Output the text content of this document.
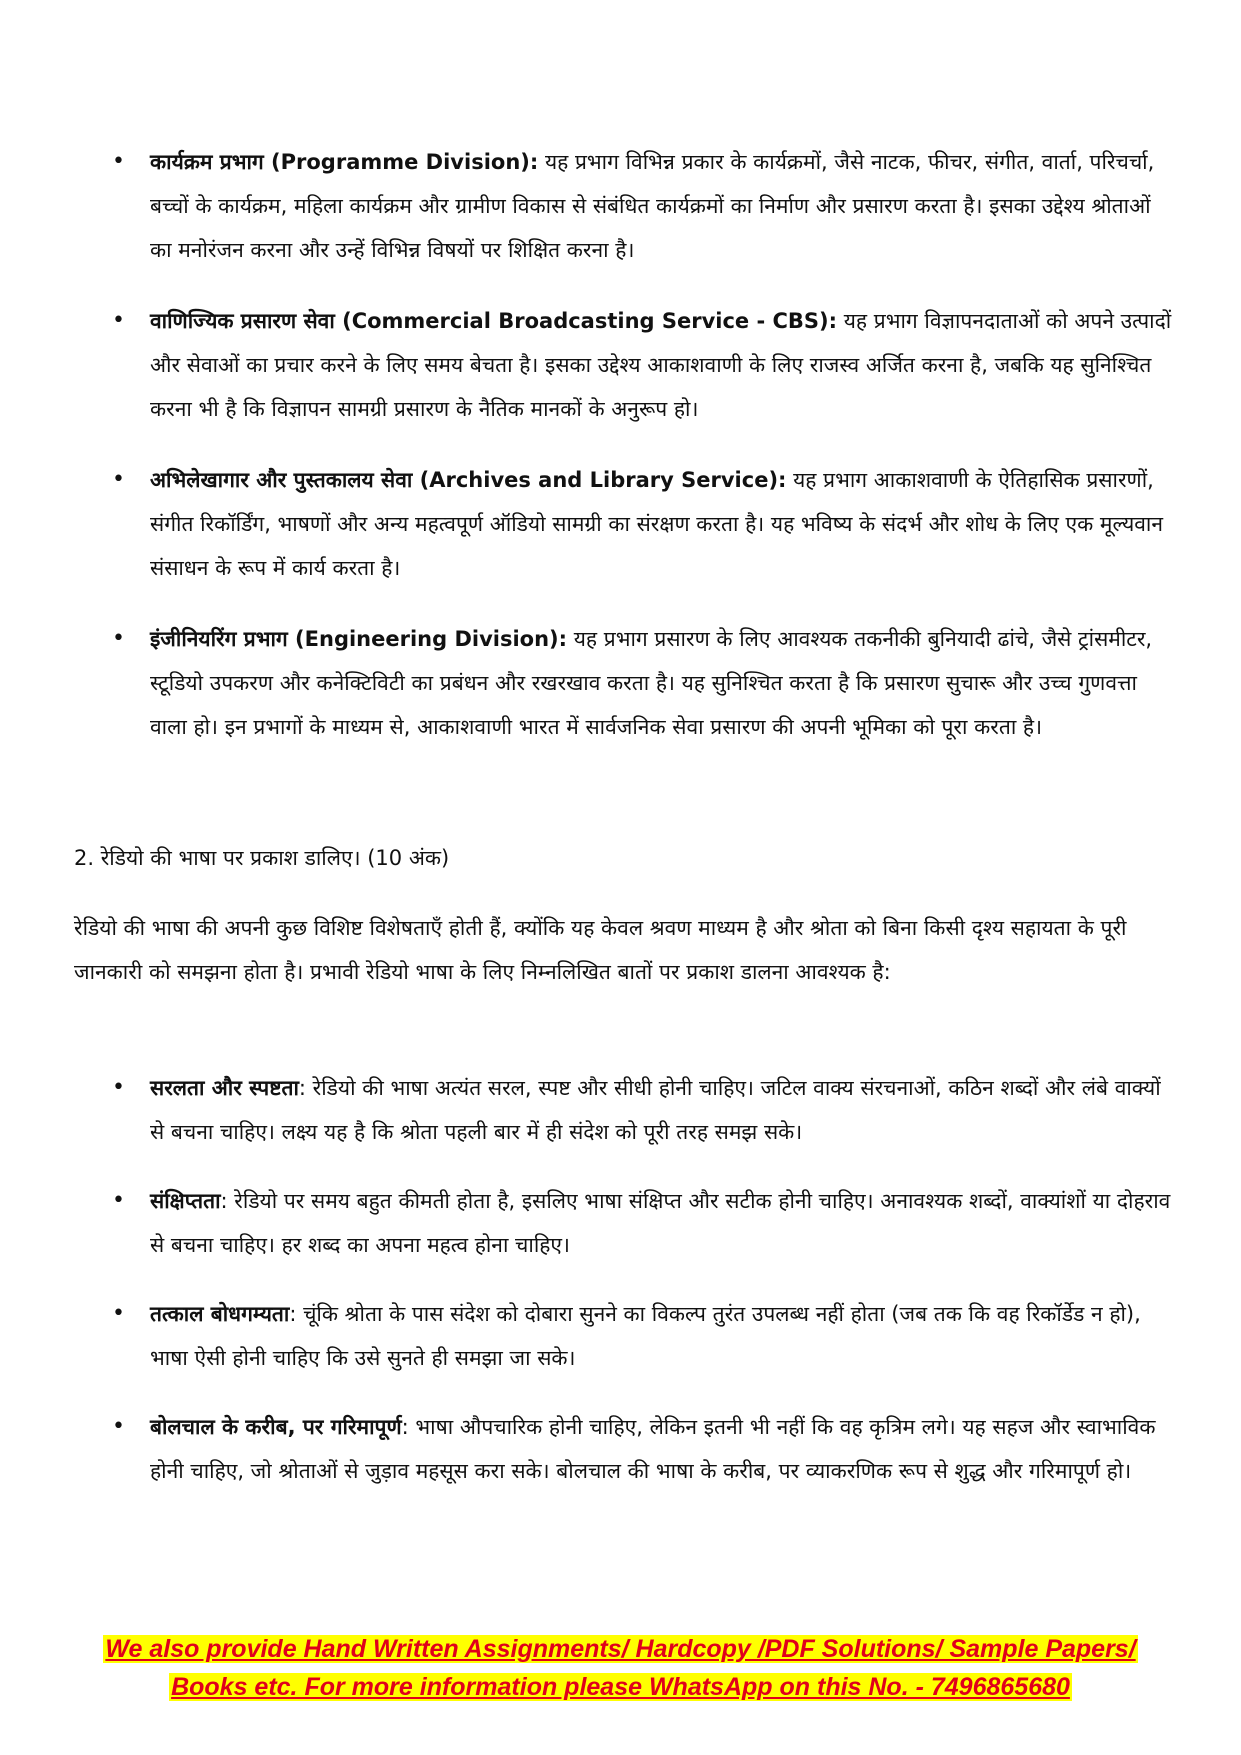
•	कार्यक्रम प्रभाग (Programme Division): यह प्रभाग विभिन्न प्रकार के कार्यक्रमों, जैसे नाटक, फीचर, संगीत, वार्ता, परिचर्चा, बच्चों के कार्यक्रम, महिला कार्यक्रम और ग्रामीण विकास से संबंधित कार्यक्रमों का निर्माण और प्रसारण करता है। इसका उद्देश्य श्रोताओं का मनोरंजन करना और उन्हें विभिन्न विषयों पर शिक्षित करना है।
•	वाणिज्यिक प्रसारण सेवा (Commercial Broadcasting Service - CBS): यह प्रभाग विज्ञापनदाताओं को अपने उत्पादों और सेवाओं का प्रचार करने के लिए समय बेचता है। इसका उद्देश्य आकाशवाणी के लिए राजस्व अर्जित करना है, जबकि यह सुनिश्चित करना भी है कि विज्ञापन सामग्री प्रसारण के नैतिक मानकों के अनुरूप हो।
•	अभिलेखागार और पुस्तकालय सेवा (Archives and Library Service): यह प्रभाग आकाशवाणी के ऐतिहासिक प्रसारणों, संगीत रिकॉर्डिंग, भाषणों और अन्य महत्वपूर्ण ऑडियो सामग्री का संरक्षण करता है। यह भविष्य के संदर्भ और शोध के लिए एक मूल्यवान संसाधन के रूप में कार्य करता है।
•	इंजीनियरिंग प्रभाग (Engineering Division): यह प्रभाग प्रसारण के लिए आवश्यक तकनीकी बुनियादी ढांचे, जैसे ट्रांसमीटर, स्टूडियो उपकरण और कनेक्टिविटी का प्रबंधन और रखरखाव करता है। यह सुनिश्चित करता है कि प्रसारण सुचारू और उच्च गुणवत्ता वाला हो। इन प्रभागों के माध्यम से, आकाशवाणी भारत में सार्वजनिक सेवा प्रसारण की अपनी भूमिका को पूरा करता है।

2. रेडियो की भाषा पर प्रकाश डालिए। (10 अंक)

रेडियो की भाषा की अपनी कुछ विशिष्ट विशेषताएँ होती हैं, क्योंकि यह केवल श्रवण माध्यम है और श्रोता को बिना किसी दृश्य सहायता के पूरी जानकारी को समझना होता है। प्रभावी रेडियो भाषा के लिए निम्नलिखित बातों पर प्रकाश डालना आवश्यक है:

•	सरलता और स्पष्टता: रेडियो की भाषा अत्यंत सरल, स्पष्ट और सीधी होनी चाहिए। जटिल वाक्य संरचनाओं, कठिन शब्दों और लंबे वाक्यों से बचना चाहिए। लक्ष्य यह है कि श्रोता पहली बार में ही संदेश को पूरी तरह समझ सके।
•	संक्षिप्तता: रेडियो पर समय बहुत कीमती होता है, इसलिए भाषा संक्षिप्त और सटीक होनी चाहिए। अनावश्यक शब्दों, वाक्यांशों या दोहराव से बचना चाहिए। हर शब्द का अपना महत्व होना चाहिए।
•	तत्काल बोधगम्यता: चूंकि श्रोता के पास संदेश को दोबारा सुनने का विकल्प तुरंत उपलब्ध नहीं होता (जब तक कि वह रिकॉर्डेड न हो), भाषा ऐसी होनी चाहिए कि उसे सुनते ही समझा जा सके।
•	बोलचाल के करीब, पर गरिमापूर्ण: भाषा औपचारिक होनी चाहिए, लेकिन इतनी भी नहीं कि वह कृत्रिम लगे। यह सहज और स्वाभाविक होनी चाहिए, जो श्रोताओं से जुड़ाव महसूस करा सके। बोलचाल की भाषा के करीब, पर व्याकरणिक रूप से शुद्ध और गरिमापूर्ण हो।
We also provide Hand Written Assignments/ Hardcopy /PDF Solutions/ Sample Papers/
Books etc. For more information please WhatsApp on this No. - 7496865680
